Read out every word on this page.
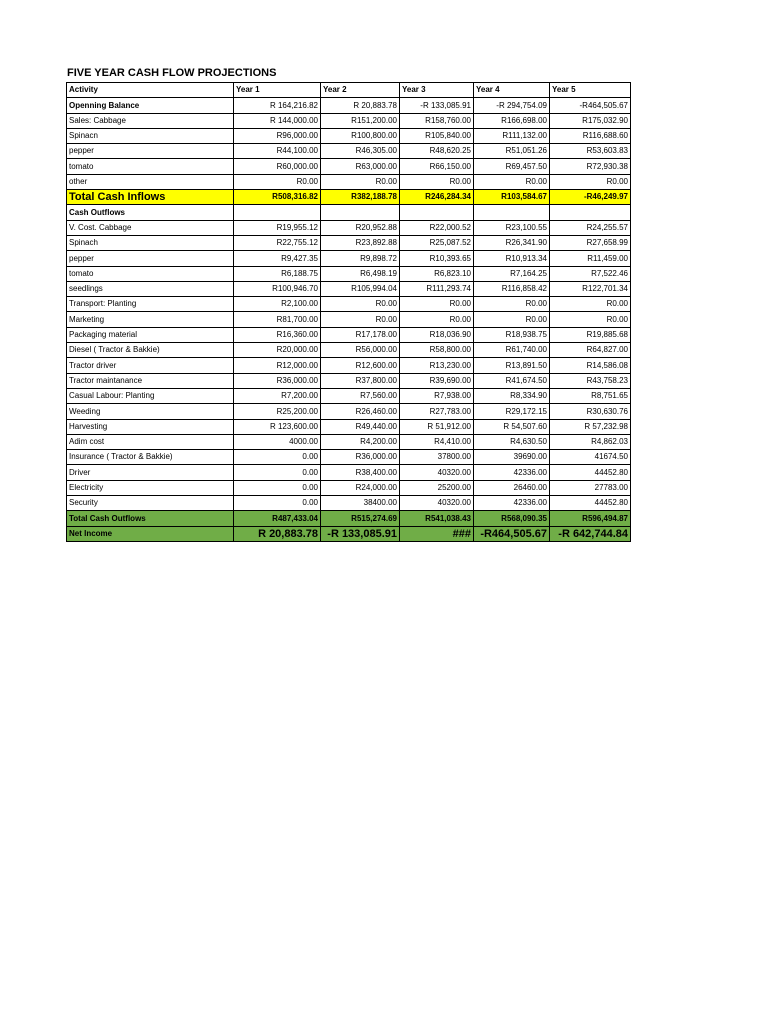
FIVE YEAR CASH FLOW PROJECTIONS
Activity	Year 1	Year 2	Year 3	Year 4	Year 5
Openning Balance	R 164,216.82	R 20,883.78	-R 133,085.91	-R 294,754.09	-R464,505.67
Sales: Cabbage	R 144,000.00	R151,200.00	R158,760.00	R166,698.00	R175,032.90
Spinacn	R96,000.00	R100,800.00	R105,840.00	R111,132.00	R116,688.60
pepper	R44,100.00	R46,305.00	R48,620.25	R51,051.26	R53,603.83
tomato	R60,000.00	R63,000.00	R66,150.00	R69,457.50	R72,930.38
other	R0.00	R0.00	R0.00	R0.00	R0.00
Total Cash Inflows	R508,316.82	R382,188.78	R246,284.34	R103,584.67	-R46,249.97
Cash Outflows					
V. Cost. Cabbage	R19,955.12	R20,952.88	R22,000.52	R23,100.55	R24,255.57
Spinach	R22,755.12	R23,892.88	R25,087.52	R26,341.90	R27,658.99
pepper	R9,427.35	R9,898.72	R10,393.65	R10,913.34	R11,459.00
tomato	R6,188.75	R6,498.19	R6,823.10	R7,164.25	R7,522.46
seedlings	R100,946.70	R105,994.04	R111,293.74	R116,858.42	R122,701.34
Transport: Planting	R2,100.00	R0.00	R0.00	R0.00	R0.00
Marketing	R81,700.00	R0.00	R0.00	R0.00	R0.00
Packaging material	R16,360.00	R17,178.00	R18,036.90	R18,938.75	R19,885.68
Diesel ( Tractor & Bakkie)	R20,000.00	R56,000.00	R58,800.00	R61,740.00	R64,827.00
Tractor driver	R12,000.00	R12,600.00	R13,230.00	R13,891.50	R14,586.08
Tractor maintanance	R36,000.00	R37,800.00	R39,690.00	R41,674.50	R43,758.23
Casual Labour: Planting	R7,200.00	R7,560.00	R7,938.00	R8,334.90	R8,751.65
Weeding	R25,200.00	R26,460.00	R27,783.00	R29,172.15	R30,630.76
Harvesting	R 123,600.00	R49,440.00	R 51,912.00	R 54,507.60	R 57,232.98
Adim cost	4000.00	R4,200.00	R4,410.00	R4,630.50	R4,862.03
Insurance ( Tractor & Bakkie)	0.00	R36,000.00	37800.00	39690.00	41674.50
Driver	0.00	R38,400.00	40320.00	42336.00	44452.80
Electricity	0.00	R24,000.00	25200.00	26460.00	27783.00
Security	0.00	38400.00	40320.00	42336.00	44452.80
Total Cash Outflows	R487,433.04	R515,274.69	R541,038.43	R568,090.35	R596,494.87
Net Income	R 20,883.78	-R 133,085.91	###	-R464,505.67	-R 642,744.84
